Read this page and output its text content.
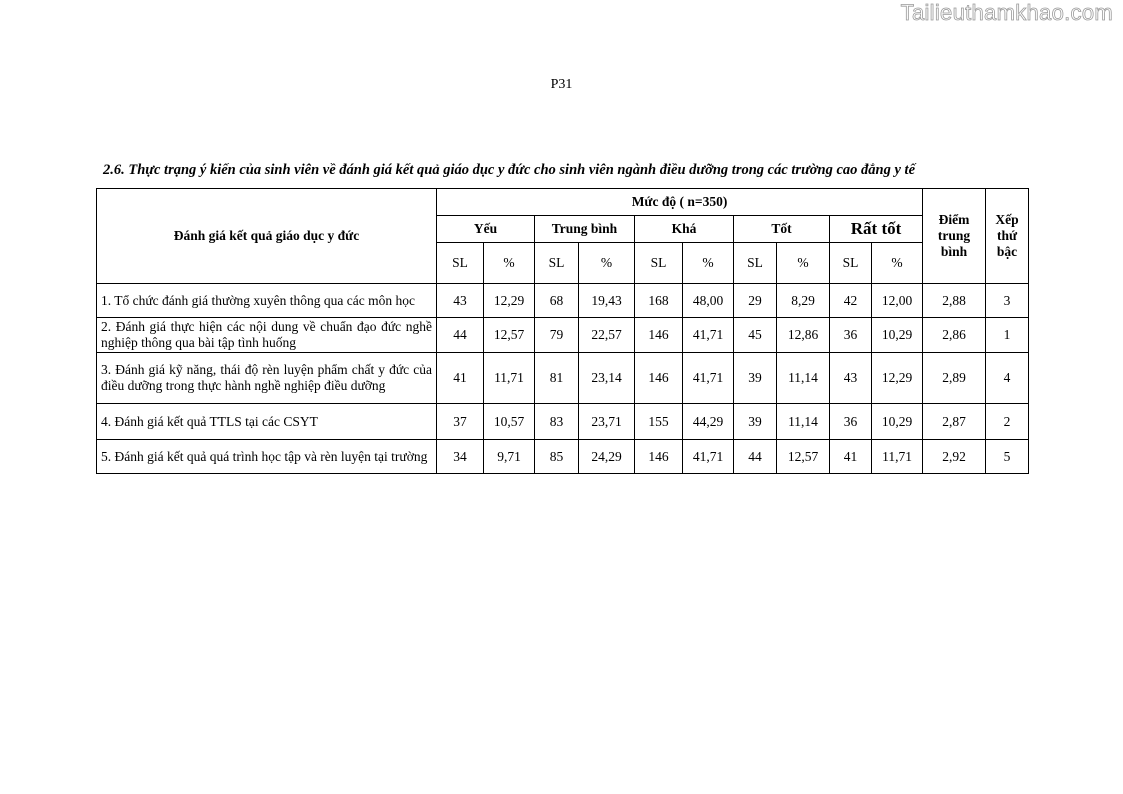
Tailieuthamkhao.com
P31
2.6. Thực trạng ý kiến của sinh viên về đánh giá kết quả giáo dục y đức cho sinh viên ngành điều dưỡng trong các trường cao đẳng y tế
Đánh giá kết quả giáo dục y đức	Mức độ ( n=350)										Điểm trung bình	Xếp thứ bậc
	Yếu		Trung bình		Khá		Tốt		Rất tốt			
	SL	%	SL	%	SL	%	SL	%	SL	%		
1. Tổ chức đánh giá thường xuyên thông qua các môn học	43	12,29	68	19,43	168	48,00	29	8,29	42	12,00	2,88	3
2. Đánh giá thực hiện các nội dung về chuẩn đạo đức nghề nghiệp thông qua bài tập tình huống	44	12,57	79	22,57	146	41,71	45	12,86	36	10,29	2,86	1
3. Đánh giá kỹ năng, thái độ rèn luyện phẩm chất y đức của điều dưỡng trong thực hành nghề nghiệp điều dưỡng	41	11,71	81	23,14	146	41,71	39	11,14	43	12,29	2,89	4
4. Đánh giá kết quả TTLS tại các CSYT	37	10,57	83	23,71	155	44,29	39	11,14	36	10,29	2,87	2
5. Đánh giá kết quả quá trình học tập và rèn luyện tại trường	34	9,71	85	24,29	146	41,71	44	12,57	41	11,71	2,92	5
